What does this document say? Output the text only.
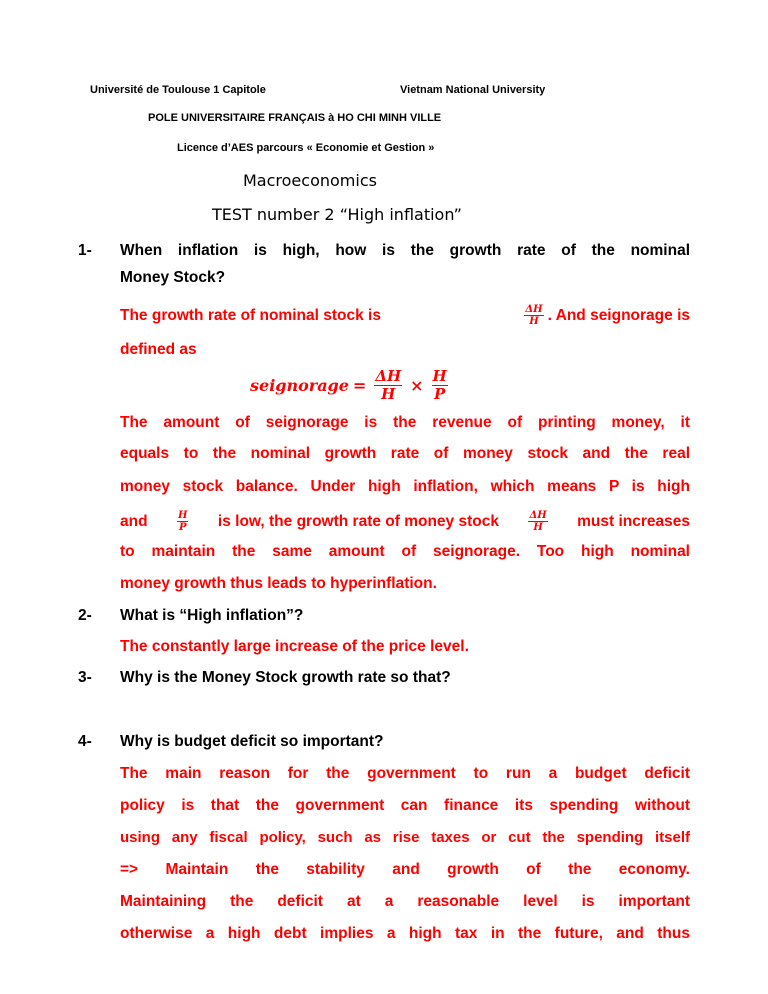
Université de Toulouse 1 Capitole	Vietnam National University
POLE UNIVERSITAIRE FRANÇAIS à HO CHI MINH VILLE
Licence d’AES parcours « Economie et Gestion »
Macroeconomics
TEST number 2 “High inflation”
1- When inflation is high, how is the growth rate of the nominal
Money Stock?
The growth rate of nominal stock is	ΔH
H . And seignorage is
defined as
seignorage = $\frac{\Delta H}{H} \times \frac{H}{P}$
The amount of seignorage is the revenue of printing money, it
equals to the nominal growth rate of money stock and the real
money stock balance. Under high inflation, which means P is high
and	H
P is low, the growth rate of money stock	ΔH
H must increases
to maintain the same amount of seignorage. Too high nominal
money growth thus leads to hyperinflation.
2- What is “High inflation”?
The constantly large increase of the price level.
3- Why is the Money Stock growth rate so that?
4- Why is budget deficit so important?
The main reason for the government to run a budget deficit
policy is that the government can finance its spending without
using any fiscal policy, such as rise taxes or cut the spending itself
=> Maintain the stability and growth of the economy.
Maintaining the deficit at a reasonable level is important
otherwise a high debt implies a high tax in the future, and thus
